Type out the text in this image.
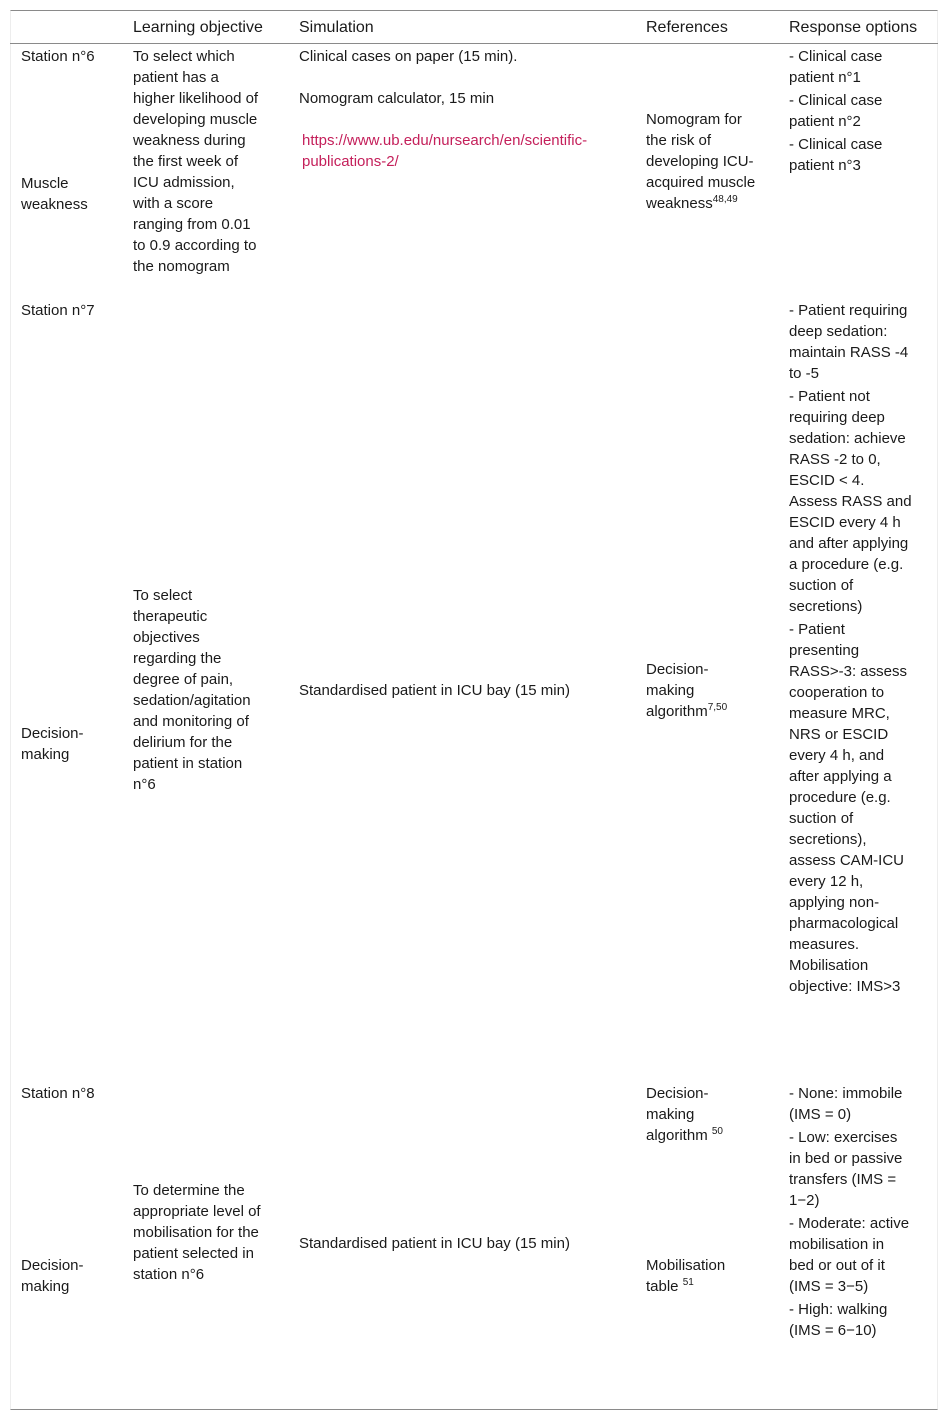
Learning objective Simulation	References	Response options
Station n°6
Muscle weakness
To select which patient has a higher likelihood of developing muscle weakness during the first week of ICU admission, with a score ranging from 0.01 to 0.9 according to the nomogram
Clinical cases on paper (15 min).
Nomogram calculator, 15 min
https://www.ub.edu/nursearch/en/scientific-publications-2/
Nomogram for the risk of developing ICU-acquired muscle weakness$^{48,49}$
- Clinical case patient n°1
- Clinical case patient n°2
- Clinical case patient n°3
Station n°7
Decision-making
To select therapeutic objectives regarding the degree of pain, sedation/agitation and monitoring of delirium for the patient in station n°6
Standardised patient in ICU bay (15 min)
Decision-making algorithm$^{7,50}$
- Patient requiring deep sedation: maintain RASS -4 to -5
- Patient not requiring deep sedation: achieve RASS -2 to 0, ESCID < 4. Assess RASS and ESCID every 4 h and after applying a procedure (e.g. suction of secretions)
- Patient presenting RASS>-3: assess cooperation to measure MRC, NRS or ESCID every 4 h, and after applying a procedure (e.g. suction of secretions), assess CAM-ICU every 12 h, applying non-pharmacological measures. Mobilisation objective: IMS>3
Station n°8
Decision-making
To determine the appropriate level of mobilisation for the patient selected in station n°6
Standardised patient in ICU bay (15 min)
Decision-making algorithm $^{50}$
Mobilisation table $^{51}$
- None: immobile (IMS = 0)
- Low: exercises in bed or passive transfers (IMS = 1−2)
- Moderate: active mobilisation in bed or out of it (IMS = 3−5)
- High: walking (IMS = 6−10)
